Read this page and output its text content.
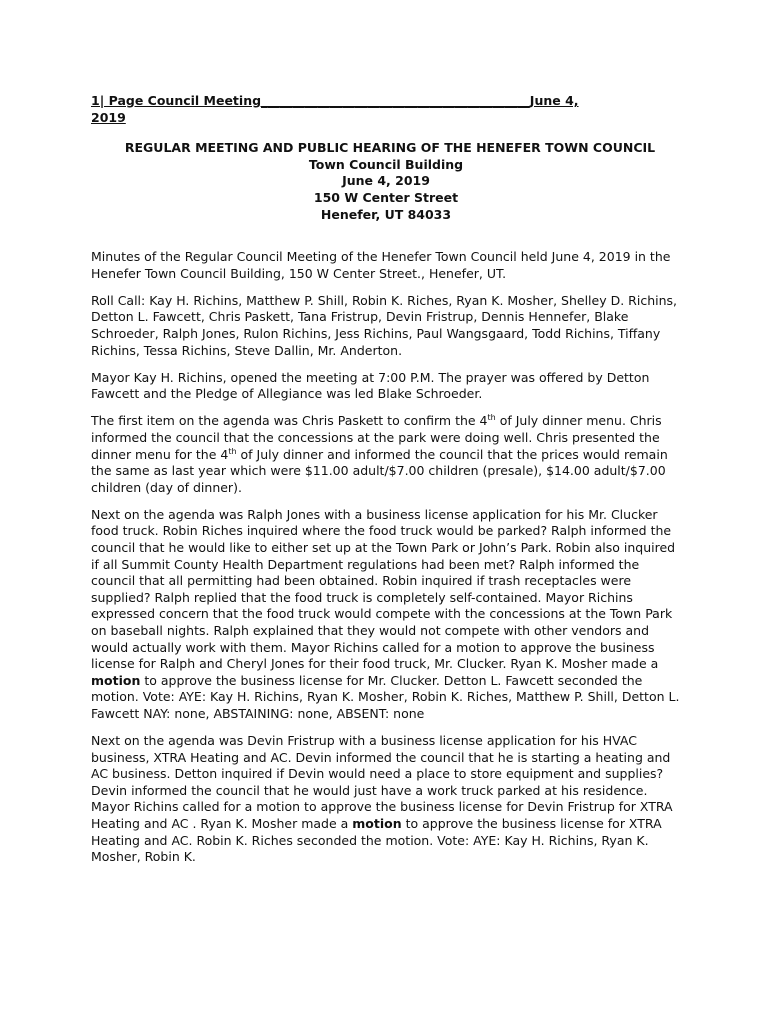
1| Page Council Meeting___________________________________________June 4,
2019
REGULAR MEETING AND PUBLIC HEARING OF THE HENEFER TOWN COUNCIL
Town Council Building
June 4, 2019
150 W Center Street
Henefer, UT 84033

Minutes of the Regular Council Meeting of the Henefer Town Council held June 4, 2019 in the Henefer Town Council Building, 150 W Center Street., Henefer, UT.

Roll Call: Kay H. Richins, Matthew P. Shill, Robin K. Riches, Ryan K. Mosher, Shelley D. Richins, Detton L. Fawcett, Chris Paskett, Tana Fristrup, Devin Fristrup, Dennis Hennefer, Blake Schroeder, Ralph Jones, Rulon Richins, Jess Richins, Paul Wangsgaard, Todd Richins, Tiffany Richins, Tessa Richins, Steve Dallin, Mr. Anderton.

Mayor Kay H. Richins, opened the meeting at 7:00 P.M. The prayer was offered by Detton Fawcett and the Pledge of Allegiance was led Blake Schroeder.

The first item on the agenda was Chris Paskett to confirm the 4th of July dinner menu. Chris informed the council that the concessions at the park were doing well. Chris presented the dinner menu for the 4th of July dinner and informed the council that the prices would remain the same as last year which were $11.00 adult/$7.00 children (presale), $14.00 adult/$7.00 children (day of dinner).

Next on the agenda was Ralph Jones with a business license application for his Mr. Clucker food truck. Robin Riches inquired where the food truck would be parked? Ralph informed the council that he would like to either set up at the Town Park or John’s Park. Robin also inquired if all Summit County Health Department regulations had been met? Ralph informed the council that all permitting had been obtained. Robin inquired if trash receptacles were supplied? Ralph replied that the food truck is completely self-contained. Mayor Richins expressed concern that the food truck would compete with the concessions at the Town Park on baseball nights. Ralph explained that they would not compete with other vendors and would actually work with them. Mayor Richins called for a motion to approve the business license for Ralph and Cheryl Jones for their food truck, Mr. Clucker. Ryan K. Mosher made a motion to approve the business license for Mr. Clucker. Detton L. Fawcett seconded the motion. Vote: AYE: Kay H. Richins, Ryan K. Mosher, Robin K. Riches, Matthew P. Shill, Detton L. Fawcett NAY: none, ABSTAINING: none, ABSENT: none

Next on the agenda was Devin Fristrup with a business license application for his HVAC business, XTRA Heating and AC. Devin informed the council that he is starting a heating and AC business. Detton inquired if Devin would need a place to store equipment and supplies? Devin informed the council that he would just have a work truck parked at his residence. Mayor Richins called for a motion to approve the business license for Devin Fristrup for XTRA Heating and AC . Ryan K. Mosher made a motion to approve the business license for XTRA Heating and AC. Robin K. Riches seconded the motion. Vote: AYE: Kay H. Richins, Ryan K. Mosher, Robin K.
